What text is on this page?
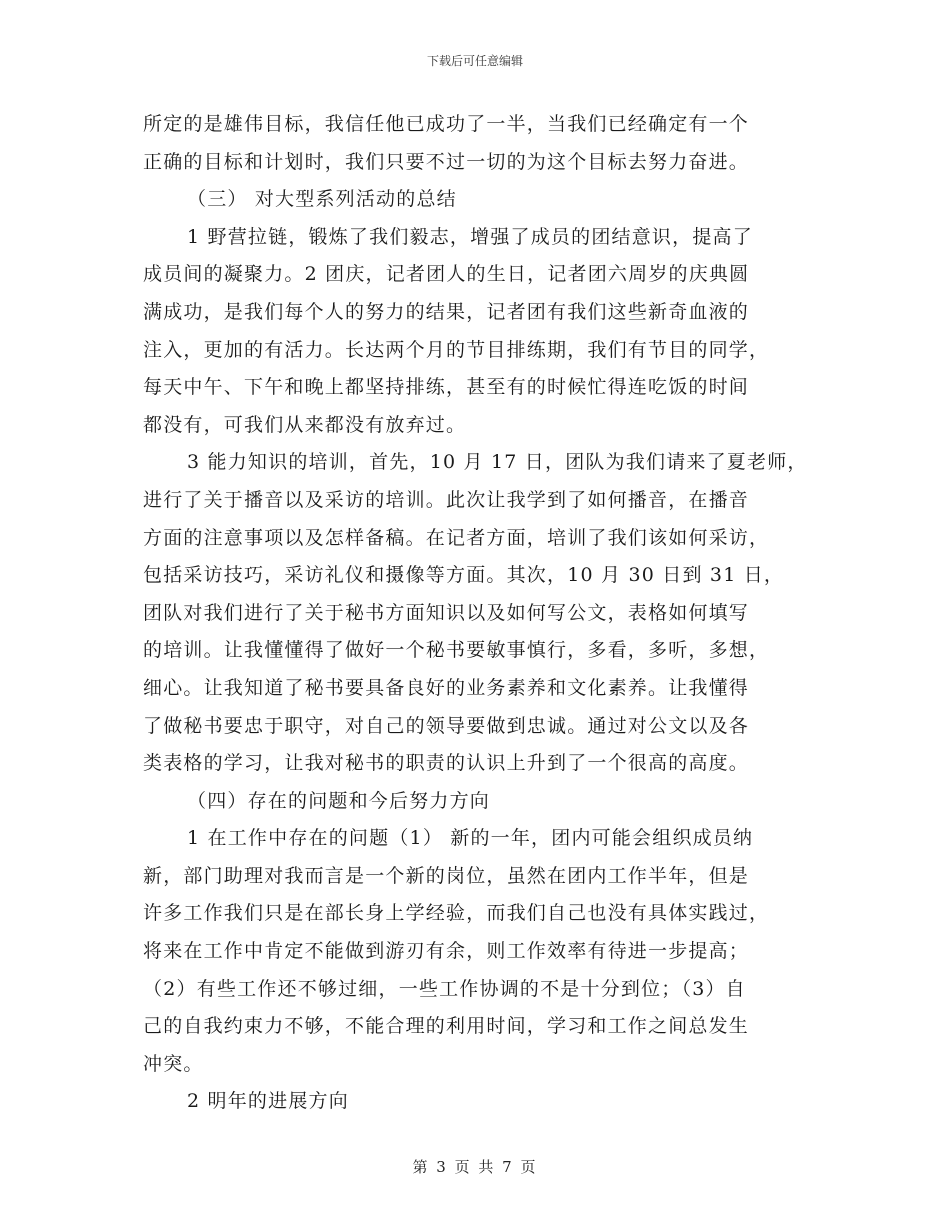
下载后可任意编辑
所定的是雄伟目标，我信任他已成功了一半，当我们已经确定有一个
正确的目标和计划时，我们只要不过一切的为这个目标去努力奋进。
（三） 对大型系列活动的总结
1 野营拉链，锻炼了我们毅志，增强了成员的团结意识，提高了
成员间的凝聚力。2 团庆，记者团人的生日，记者团六周岁的庆典圆
满成功，是我们每个人的努力的结果，记者团有我们这些新奇血液的
注入，更加的有活力。长达两个月的节目排练期，我们有节目的同学，
每天中午、下午和晚上都坚持排练，甚至有的时候忙得连吃饭的时间
都没有，可我们从来都没有放弃过。
3 能力知识的培训，首先，10 月 17 日，团队为我们请来了夏老师，
进行了关于播音以及采访的培训。此次让我学到了如何播音，在播音
方面的注意事项以及怎样备稿。在记者方面，培训了我们该如何采访，
包括采访技巧，采访礼仪和摄像等方面。其次，10 月 30 日到 31 日，
团队对我们进行了关于秘书方面知识以及如何写公文，表格如何填写
的培训。让我懂懂得了做好一个秘书要敏事慎行，多看，多听，多想，
细心。让我知道了秘书要具备良好的业务素养和文化素养。让我懂得
了做秘书要忠于职守，对自己的领导要做到忠诚。通过对公文以及各
类表格的学习，让我对秘书的职责的认识上升到了一个很高的高度。
（四）存在的问题和今后努力方向
1 在工作中存在的问题（1） 新的一年，团内可能会组织成员纳
新，部门助理对我而言是一个新的岗位，虽然在团内工作半年，但是
许多工作我们只是在部长身上学经验，而我们自己也没有具体实践过，
将来在工作中肯定不能做到游刃有余，则工作效率有待进一步提高；
（2）有些工作还不够过细，一些工作协调的不是十分到位；（3）自
己的自我约束力不够，不能合理的利用时间，学习和工作之间总发生
冲突。
2 明年的进展方向
第 3 页 共 7 页
